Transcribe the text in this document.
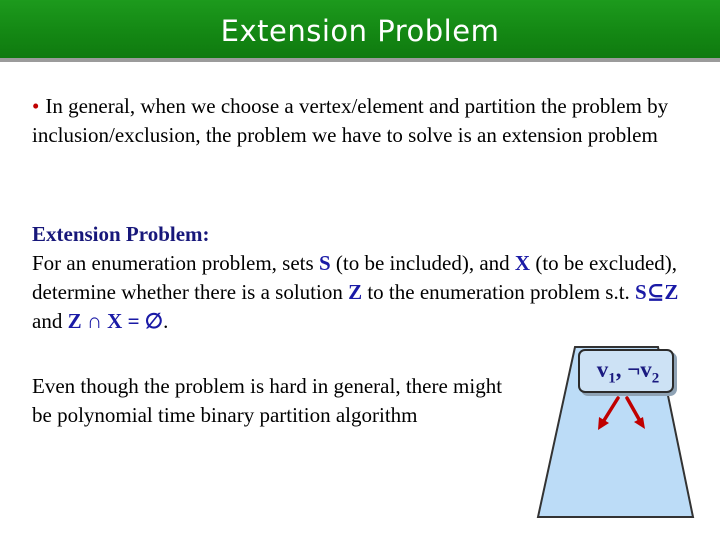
Extension Problem
• In general, when we choose a vertex/element and partition the problem by inclusion/exclusion, the problem we have to solve is an extension problem
Extension Problem:
For an enumeration problem, sets S (to be included), and X (to be excluded), determine whether there is a solution Z to the enumeration problem s.t. S⊆Z and Z ∩ X = ∅.
Even though the problem is hard in general, there might be polynomial time binary partition algorithm
$v_1$, $\neg v_2$
